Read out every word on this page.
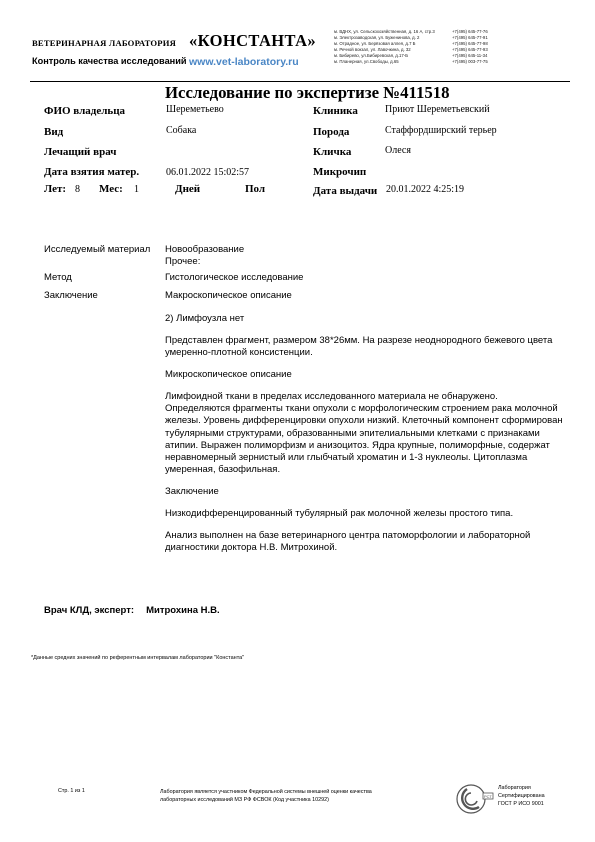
ВЕТЕРИНАРНАЯ ЛАБОРАТОРИЯ «КОНСТАНТА»
Контроль качества исследований www.vet-laboratory.ru
м. ВДНХ, ул. Сельскохозяйственная, д. 16 А, стр.3	+7(495) 645-77-76
м. Электрозаводская, ул. Бужениновa, д. 2	+7(495) 645-77-91
м. Отрадное, ул. Берёзовая аллея, д.7 Б	+7(495) 645-77-98
м. Речной вокзал, ул. Лавочкина, д. 32	+7(495) 645-77-93
м. Бибирево, ул.Бибиревская, д.17-Б	+7(495) 645-11-34
м. Планерная, ул.Свободы, д.65	+7(495) 003-77-75
Исследование по экспертизе №411518
ФИО владельца	Шереметьево	Клиника	Приют Шереметьевский
Вид	Собака	Порода	Стаффордширский терьер
Лечащий врач	Кличка	Олеся
Дата взятия матер.	06.01.2022 15:02:57	Микрочип
Лет: 8 Мес: 1	Дней	Пол	Дата выдачи 20.01.2022 4:25:19
Исследуемый материал Новообразование
Прочее:
Метод	Гистологическое исследование
Заключение	Макроскопическое описание
2) Лимфоузла нет
Представлен фрагмент, размером 38*26мм. На разрезе неоднородного бежевого цвета умеренно-плотной консистенции.
Микроскопическое описание
Лимфоидной ткани в пределах исследованного материала не обнаружено. Определяются фрагменты ткани опухоли с морфологическим строением рака молочной железы. Уровень дифференцировки опухоли низкий. Клеточный компонент сформирован тубулярными структурами, образованными эпителиальными клетками с признаками атипии. Выражен полиморфизм и анизоцитоз. Ядра крупные, полиморфные, содержат неравномерный зернистый или глыбчатый хроматин и 1-3 нуклеолы. Цитоплазма умеренная, базофильная.
Заключение
Низкодифференцированный тубулярный рак молочной железы простого типа.
Анализ выполнен на базе ветеринарного центра патоморфологии и лабораторной диагностики доктора Н.В. Митрохиной.
Врач КЛД, эксперт: Митрохина Н.В.
*Данные средних значений по референтным интервалам лаборатории "Константа"
Стр. 1 из 1	Лаборатория является участником Федеральной системы внешней оценки качества
лабораторных исследований МЗ РФ ФСВОК (Код участника 10292)
РСТ
Лаборатория
Сертифицирована
ГОСТ Р ИСО 9001
